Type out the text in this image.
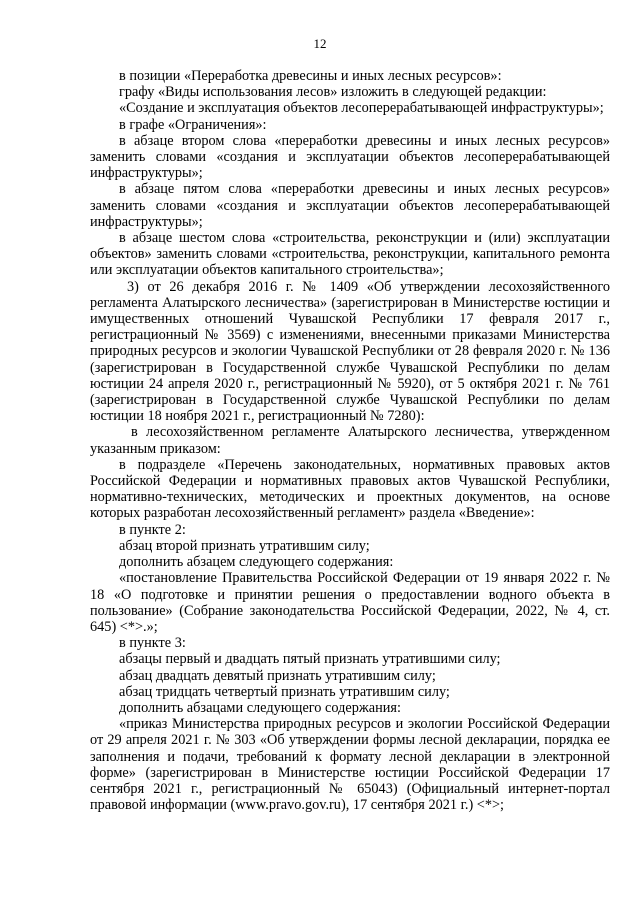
12

в позиции «Переработка древесины и иных лесных ресурсов»:

графу «Виды использования лесов» изложить в следующей редакции:

«Создание и эксплуатация объектов лесоперерабатывающей инфраструктуры»;

в графе «Ограничения»:

в абзаце втором слова «переработки древесины и иных лесных ресурсов» заменить словами «создания и эксплуатации объектов лесоперерабатывающей инфраструктуры»;

в абзаце пятом слова «переработки древесины и иных лесных ресурсов» заменить словами «создания и эксплуатации объектов лесоперерабатывающей инфраструктуры»;

в абзаце шестом слова «строительства, реконструкции и (или) эксплуатации объектов» заменить словами «строительства, реконструкции, капитального ремонта или эксплуатации объектов капитального строительства»;

3) от 26 декабря 2016 г. № 1409 «Об утверждении лесохозяйственного регламента Алатырского лесничества» (зарегистрирован в Министерстве юстиции и имущественных отношений Чувашской Республики 17 февраля 2017 г., регистрационный № 3569) с изменениями, внесенными приказами Министерства природных ресурсов и экологии Чувашской Республики от 28 февраля 2020 г. № 136 (зарегистрирован в Государственной службе Чувашской Республики по делам юстиции 24 апреля 2020 г., регистрационный № 5920), от 5 октября 2021 г. № 761 (зарегистрирован в Государственной службе Чувашской Республики по делам юстиции 18 ноября 2021 г., регистрационный № 7280):

в лесохозяйственном регламенте Алатырского лесничества, утвержденном указанным приказом:

в подразделе «Перечень законодательных, нормативных правовых актов Российской Федерации и нормативных правовых актов Чувашской Республики, нормативно-технических, методических и проектных документов, на основе которых разработан лесохозяйственный регламент» раздела «Введение»:

в пункте 2:

абзац второй признать утратившим силу;

дополнить абзацем следующего содержания:

«постановление Правительства Российской Федерации от 19 января 2022 г. № 18 «О подготовке и принятии решения о предоставлении водного объекта в пользование» (Собрание законодательства Российской Федерации, 2022, № 4, ст. 645) <*>.»;

в пункте 3:

абзацы первый и двадцать пятый признать утратившими силу;

абзац двадцать девятый признать утратившим силу;

абзац тридцать четвертый признать утратившим силу;

дополнить абзацами следующего содержания:

«приказ Министерства природных ресурсов и экологии Российской Федерации от 29 апреля 2021 г. № 303 «Об утверждении формы лесной декларации, порядка ее заполнения и подачи, требований к формату лесной декларации в электронной форме» (зарегистрирован в Министерстве юстиции Российской Федерации 17 сентября 2021 г., регистрационный № 65043) (Официальный интернет-портал правовой информации (www.pravo.gov.ru), 17 сентября 2021 г.) <*>;
